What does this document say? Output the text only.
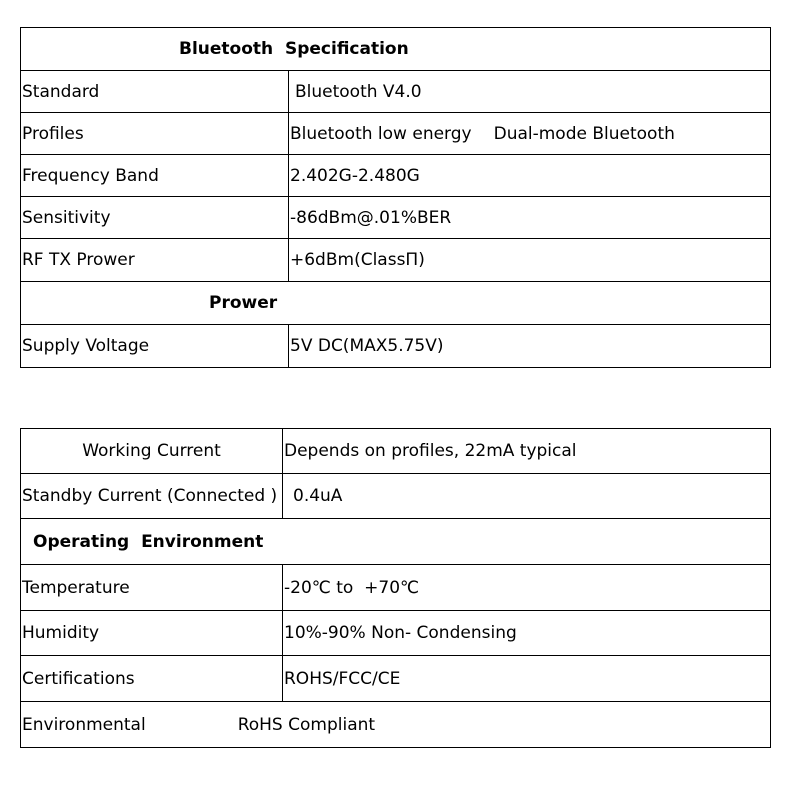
Bluetooth Specification	
Standard	Bluetooth V4.0
Profiles	Bluetooth low energy Dual-mode Bluetooth
Frequency Band	2.402G-2.480G
Sensitivity	-86dBm@.01%BER
RF TX Prower	+6dBm(ClassП)
Prower	
Supply Voltage	5V DC(MAX5.75V)
Working Current	Depends on profiles, 22mA typical
Standby Current (Connected )	0.4uA
Operating  Environment	
Temperature	-20℃ to  +70℃
Humidity	10%-90% Non- Condensing
Certifications	ROHS/FCC/CE
Environmental RoHS Compliant	
